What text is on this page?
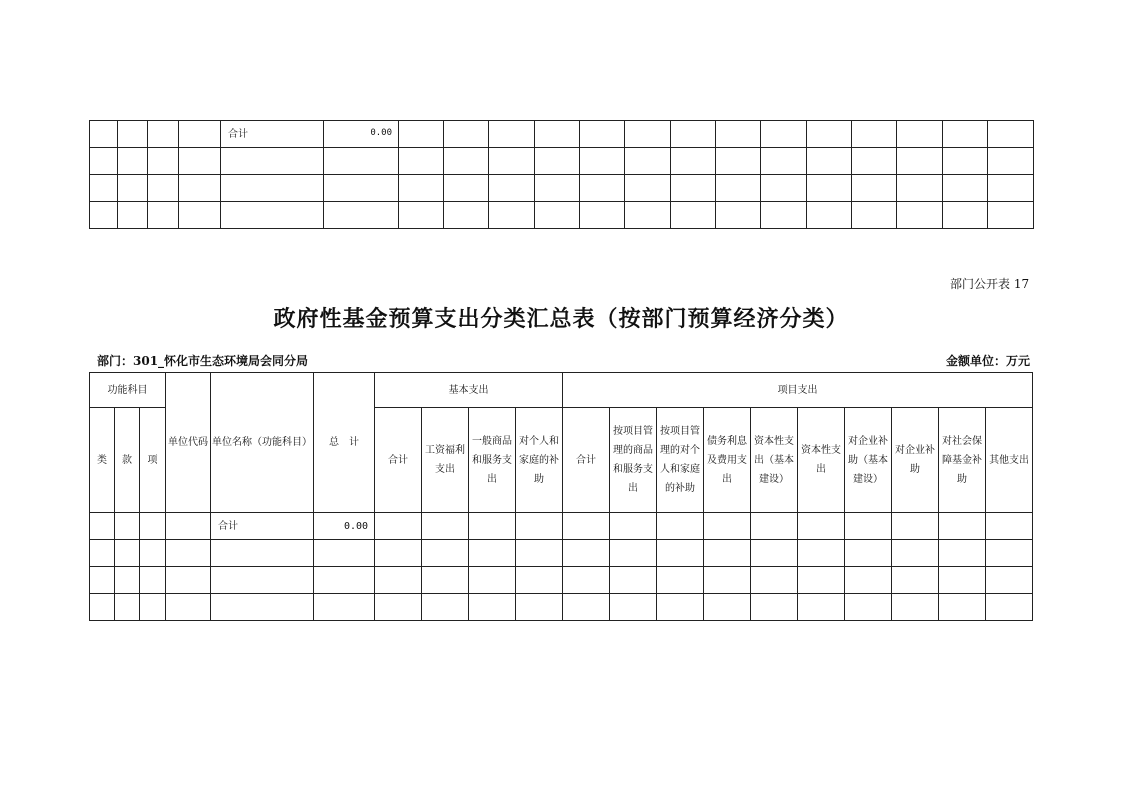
				合计	0.00														

部门公开表 17
政府性基金预算支出分类汇总表（按部门预算经济分类）
部门：301_怀化市生态环境局会同分局	金额单位：万元
功能科目			单位代码	单位名称（功能科目）	总　计	基本支出				项目支出									
类	款	项				合计	工资福利支出	一般商品和服务支出	对个人和家庭的补助	合计	按项目管理的商品和服务支出	按项目管理的对个人和家庭的补助	债务利息及费用支出	资本性支出（基本建设）	资本性支出	对企业补助（基本建设）	对企业补助	对社会保障基金补助	其他支出
				合计	0.00														
